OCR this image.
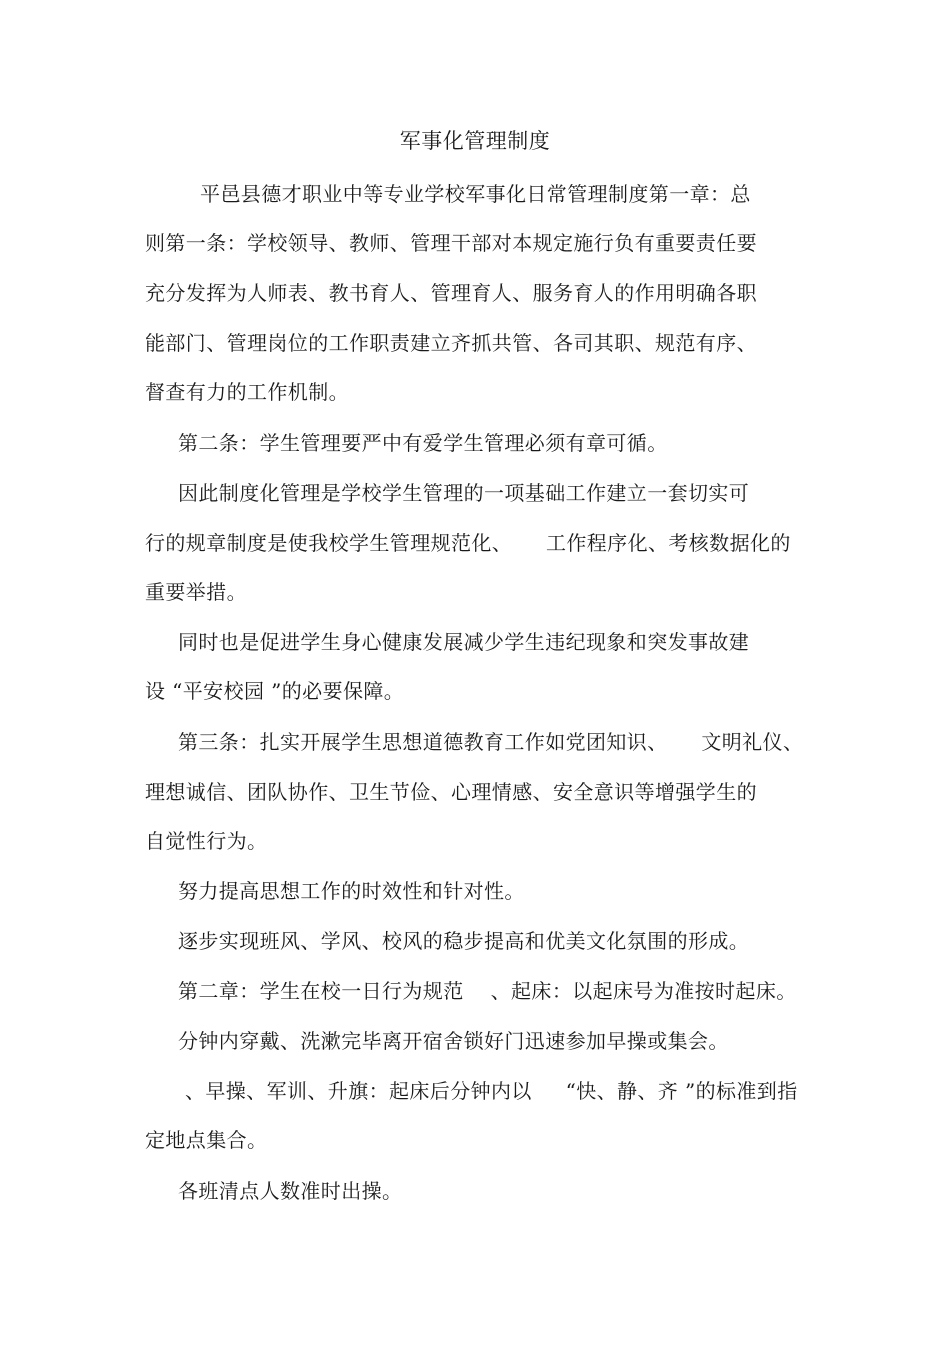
军事化管理制度
平邑县德才职业中等专业学校军事化日常管理制度第一章：总
则第一条：学校领导、教师、管理干部对本规定施行负有重要责任要
充分发挥为人师表、教书育人、管理育人、服务育人的作用明确各职
能部门、管理岗位的工作职责建立齐抓共管、各司其职、规范有序、
督查有力的工作机制。
第二条：学生管理要严中有爱学生管理必须有章可循。
因此制度化管理是学校学生管理的一项基础工作建立一套切实可
行的规章制度是使我校学生管理规范化、     工作程序化、考核数据化的
重要举措。
同时也是促进学生身心健康发展减少学生违纪现象和突发事故建
设 “平安校园 ”的必要保障。
第三条：扎实开展学生思想道德教育工作如党团知识、     文明礼仪、
理想诚信、团队协作、卫生节俭、心理情感、安全意识等增强学生的
自觉性行为。
努力提高思想工作的时效性和针对性。
逐步实现班风、学风、校风的稳步提高和优美文化氛围的形成。
第二章：学生在校一日行为规范    、起床：以起床号为准按时起床。
分钟内穿戴、洗漱完毕离开宿舍锁好门迅速参加早操或集会。
、早操、军训、升旗：起床后分钟内以     “快、静、齐 ”的标准到指
定地点集合。
各班清点人数准时出操。
